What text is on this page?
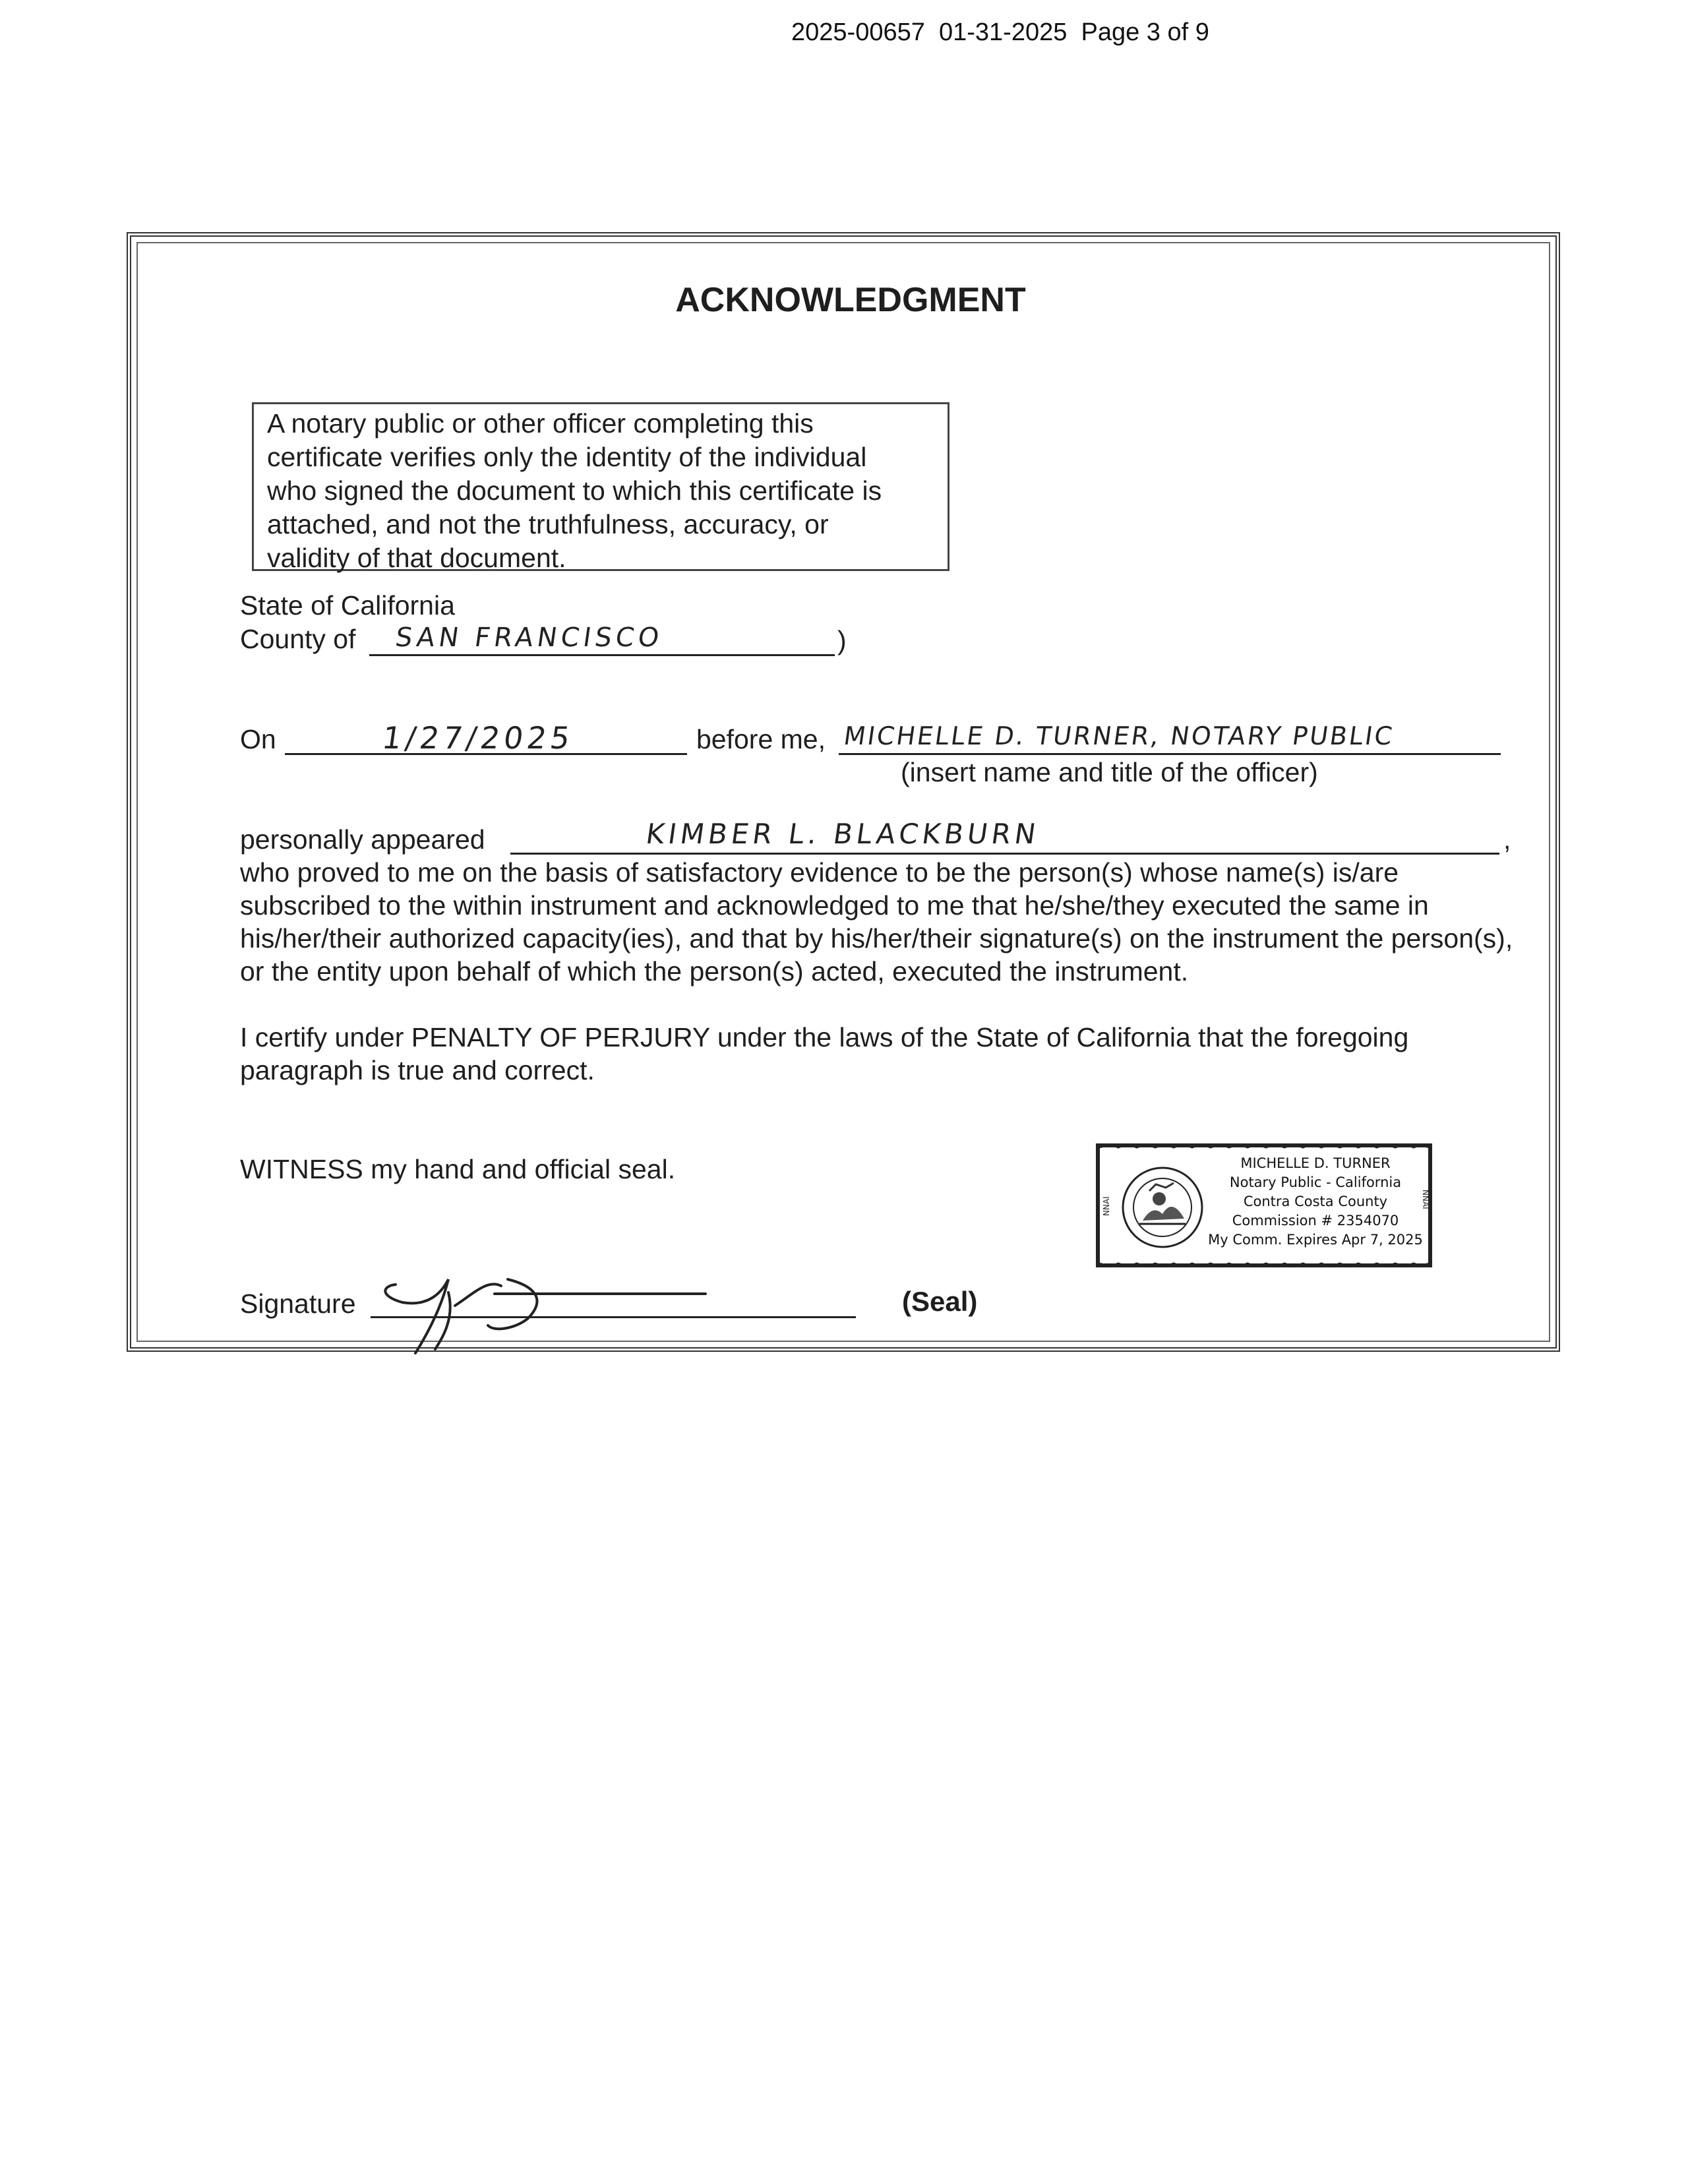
2025-00657  01-31-2025  Page 3 of 9
ACKNOWLEDGMENT
A notary public or other officer completing this
certificate verifies only the identity of the individual
who signed the document to which this certificate is
attached, and not the truthfulness, accuracy, or
validity of that document.
State of California
County of SAN FRANCISCO	)
On	1/27/2025	before me, MICHELLE D. TURNER, NOTARY PUBLIC
(insert name and title of the officer)
personally appeared	KIMBER L. BLACKBURN	,
who proved to me on the basis of satisfactory evidence to be the person(s) whose name(s) is/are subscribed to the within instrument and acknowledged to me that he/she/they executed the same in his/her/their authorized capacity(ies), and that by his/her/their signature(s) on the instrument the person(s), or the entity upon behalf of which the person(s) acted, executed the instrument.
I certify under PENALTY OF PERJURY under the laws of the State of California that the foregoing paragraph is true and correct.
WITNESS my hand and official seal.
Signature	(Seal)
NNAI	NNAI
MICHELLE D. TURNER
Notary Public - California
Contra Costa County
Commission # 2354070
My Comm. Expires Apr 7, 2025
